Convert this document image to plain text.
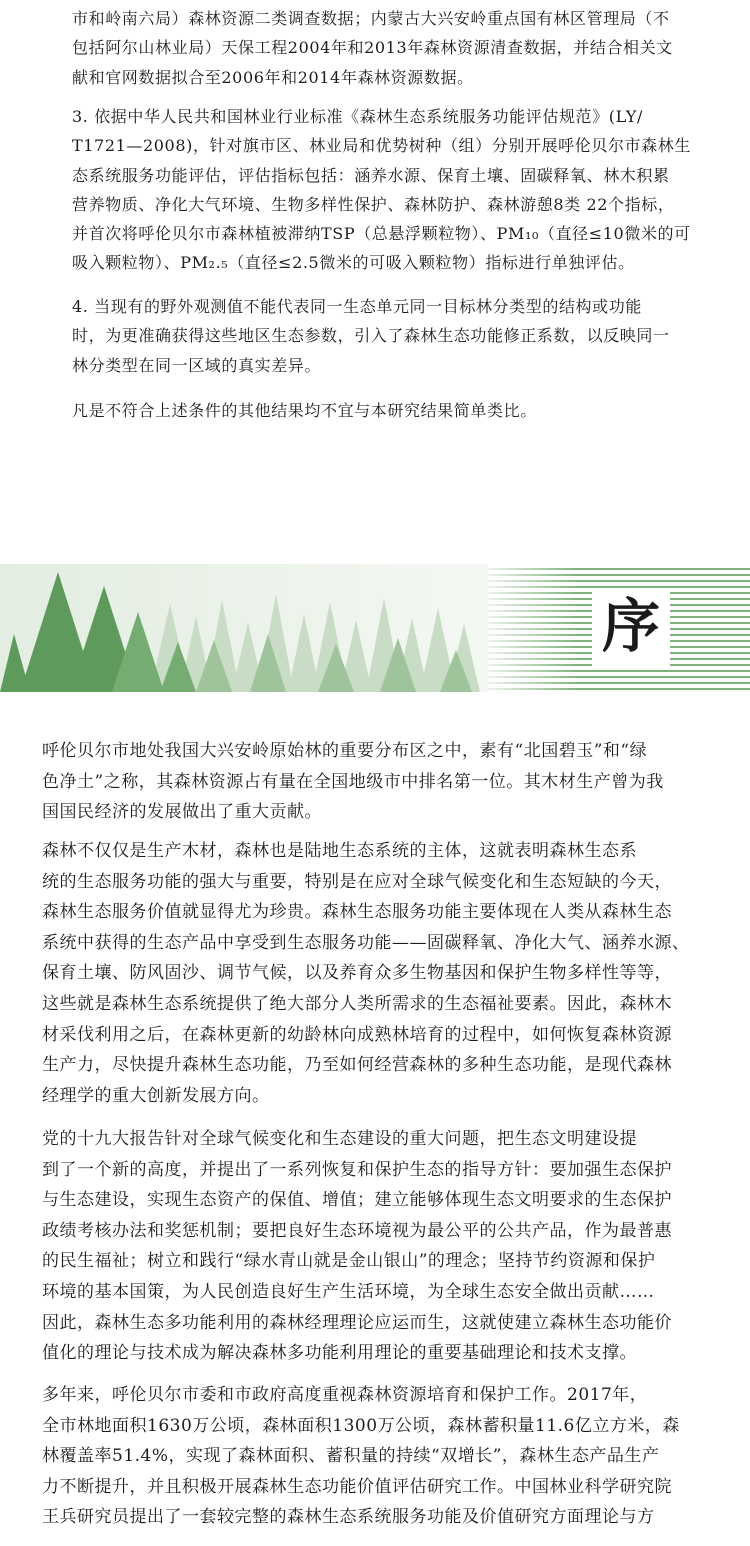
市和岭南六局）森林资源二类调查数据；内蒙古大兴安岭重点国有林区管理局（不
包括阿尔山林业局）天保工程2004年和2013年森林资源清查数据，并结合相关文
献和官网数据拟合至2006年和2014年森林资源数据。
3. 依据中华人民共和国林业行业标准《森林生态系统服务功能评估规范》(LY/
T1721—2008)，针对旗市区、林业局和优势树种（组）分别开展呼伦贝尔市森林生
态系统服务功能评估，评估指标包括：涵养水源、保育土壤、固碳释氧、林木积累
营养物质、净化大气环境、生物多样性保护、森林防护、森林游憩8类 22个指标，
并首次将呼伦贝尔市森林植被滞纳TSP（总悬浮颗粒物）、PM₁₀（直径≤10微米的可
吸入颗粒物）、PM₂.₅（直径≤2.5微米的可吸入颗粒物）指标进行单独评估。
4. 当现有的野外观测值不能代表同一生态单元同一目标林分类型的结构或功能
时，为更准确获得这些地区生态参数，引入了森林生态功能修正系数，以反映同一
林分类型在同一区域的真实差异。
凡是不符合上述条件的其他结果均不宜与本研究结果简单类比。
序
呼伦贝尔市地处我国大兴安岭原始林的重要分布区之中，素有“北国碧玉”和“绿
色净土”之称，其森林资源占有量在全国地级市中排名第一位。其木材生产曾为我
国国民经济的发展做出了重大贡献。
森林不仅仅是生产木材，森林也是陆地生态系统的主体，这就表明森林生态系
统的生态服务功能的强大与重要，特别是在应对全球气候变化和生态短缺的今天，
森林生态服务价值就显得尤为珍贵。森林生态服务功能主要体现在人类从森林生态
系统中获得的生态产品中享受到生态服务功能——固碳释氧、净化大气、涵养水源、
保育土壤、防风固沙、调节气候，以及养育众多生物基因和保护生物多样性等等，
这些就是森林生态系统提供了绝大部分人类所需求的生态福祉要素。因此，森林木
材采伐利用之后，在森林更新的幼龄林向成熟林培育的过程中，如何恢复森林资源
生产力，尽快提升森林生态功能，乃至如何经营森林的多种生态功能，是现代森林
经理学的重大创新发展方向。
党的十九大报告针对全球气候变化和生态建设的重大问题，把生态文明建设提
到了一个新的高度，并提出了一系列恢复和保护生态的指导方针：要加强生态保护
与生态建设，实现生态资产的保值、增值；建立能够体现生态文明要求的生态保护
政绩考核办法和奖惩机制；要把良好生态环境视为最公平的公共产品，作为最普惠
的民生福祉；树立和践行“绿水青山就是金山银山”的理念；坚持节约资源和保护
环境的基本国策，为人民创造良好生产生活环境，为全球生态安全做出贡献……
因此，森林生态多功能利用的森林经理理论应运而生，这就使建立森林生态功能价
值化的理论与技术成为解决森林多功能利用理论的重要基础理论和技术支撑。
多年来，呼伦贝尔市委和市政府高度重视森林资源培育和保护工作。2017年，
全市林地面积1630万公顷，森林面积1300万公顷，森林蓄积量11.6亿立方米，森
林覆盖率51.4%，实现了森林面积、蓄积量的持续“双增长”，森林生态产品生产
力不断提升，并且积极开展森林生态功能价值评估研究工作。中国林业科学研究院
王兵研究员提出了一套较完整的森林生态系统服务功能及价值研究方面理论与方
